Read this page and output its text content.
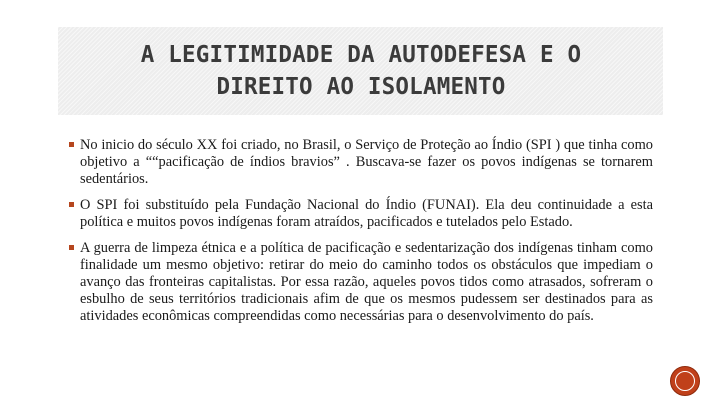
A LEGITIMIDADE DA AUTODEFESA E O DIREITO AO ISOLAMENTO

No inicio do século XX foi criado, no Brasil, o Serviço de Proteção ao Índio (SPI ) que tinha como objetivo a ““pacificação de índios bravios” . Buscava-se fazer os povos indígenas se tornarem sedentários.

O SPI foi substituído pela Fundação Nacional do Índio (FUNAI). Ela deu continuidade a esta política e muitos povos indígenas foram atraídos, pacificados e tutelados pelo Estado.

A guerra de limpeza étnica e a política de pacificação e sedentarização dos indígenas tinham como finalidade um mesmo objetivo: retirar do meio do caminho todos os obstáculos que impediam o avanço das fronteiras capitalistas. Por essa razão, aqueles povos tidos como atrasados, sofreram o esbulho de seus territórios tradicionais afim de que os mesmos pudessem ser destinados para as atividades econômicas compreendidas como necessárias para o desenvolvimento do país.
